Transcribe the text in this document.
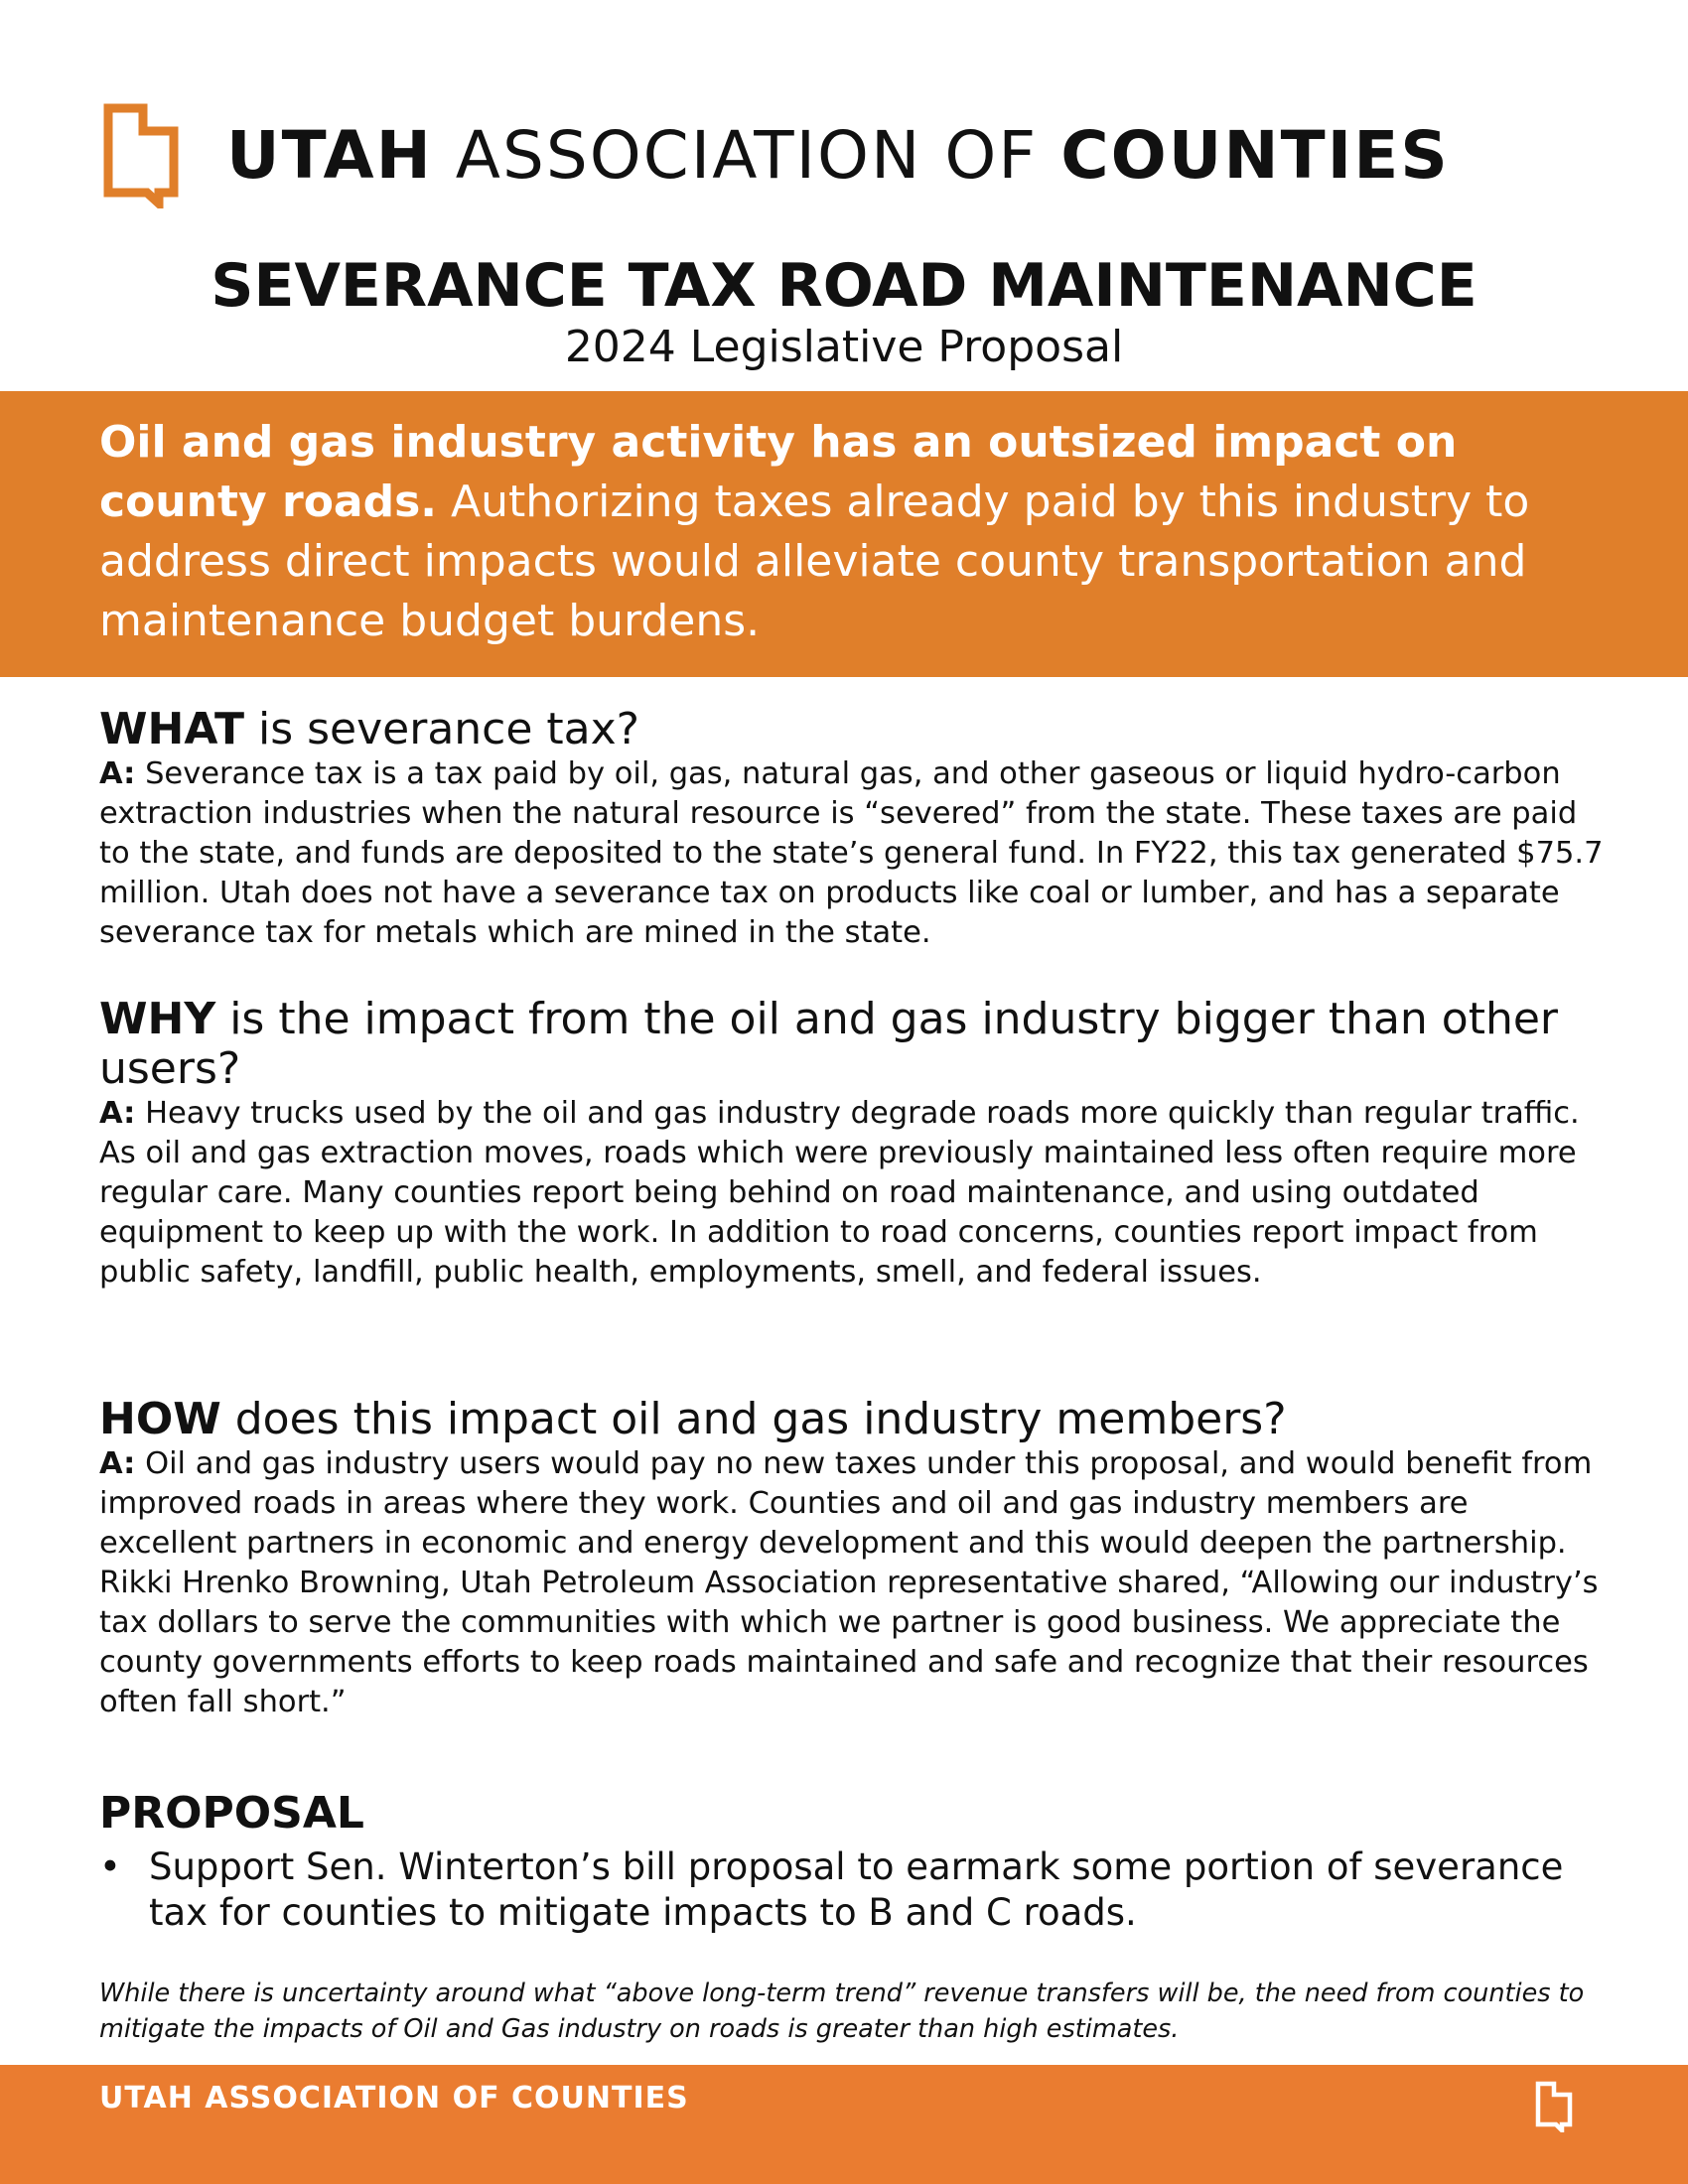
UTAH ASSOCIATION OF COUNTIES
SEVERANCE TAX ROAD MAINTENANCE
2024 Legislative Proposal

Oil and gas industry activity has an outsized impact on county roads. Authorizing taxes already paid by this industry to address direct impacts would alleviate county transportation and maintenance budget burdens.

WHAT is severance tax?

A: Severance tax is a tax paid by oil, gas, natural gas, and other gaseous or liquid hydro-carbon extraction industries when the natural resource is “severed” from the state. These taxes are paid to the state, and funds are deposited to the state’s general fund. In FY22, this tax generated $75.7 million. Utah does not have a severance tax on products like coal or lumber, and has a separate severance tax for metals which are mined in the state.

WHY is the impact from the oil and gas industry bigger than other users?

A: Heavy trucks used by the oil and gas industry degrade roads more quickly than regular traffic. As oil and gas extraction moves, roads which were previously maintained less often require more regular care. Many counties report being behind on road maintenance, and using outdated equipment to keep up with the work. In addition to road concerns, counties report impact from public safety, landfill, public health, employments, smell, and federal issues.

HOW does this impact oil and gas industry members?

A: Oil and gas industry users would pay no new taxes under this proposal, and would benefit from improved roads in areas where they work. Counties and oil and gas industry members are excellent partners in economic and energy development and this would deepen the partnership. Rikki Hrenko Browning, Utah Petroleum Association representative shared, “Allowing our industry’s tax dollars to serve the communities with which we partner is good business. We appreciate the county governments efforts to keep roads maintained and safe and recognize that their resources often fall short.”

PROPOSAL
• Support Sen. Winterton’s bill proposal to earmark some portion of severance tax for counties to mitigate impacts to B and C roads.
While there is uncertainty around what “above long-term trend” revenue transfers will be, the need from counties to mitigate the impacts of Oil and Gas industry on roads is greater than high estimates.
UTAH ASSOCIATION OF COUNTIES
